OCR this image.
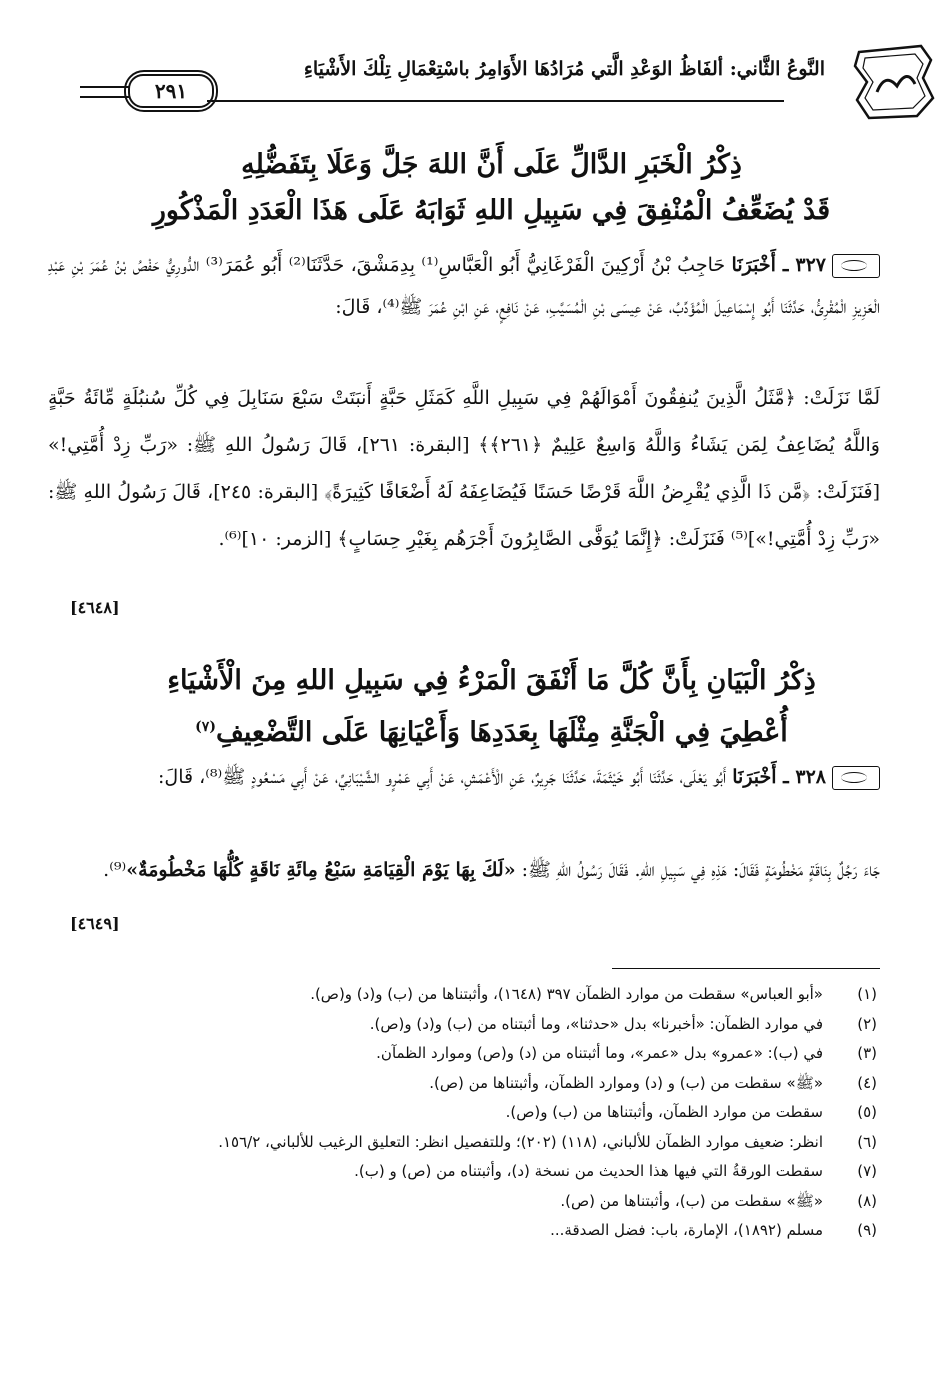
النَّوعُ الثَّاني: ألفَاظُ الوَعْدِ الَّتي مُرَادُهَا الأَوَامِرُ باسْتِعْمَالِ تِلْكَ الأَشْيَاءِ
٢٩١
ذِكْرُ الْخَبَرِ الدَّالِّ عَلَى أَنَّ اللهَ جَلَّ وَعَلَا بِتَفَضُّلِهِ
قَدْ يُضَعِّفُ الْمُنْفِقَ فِي سَبِيلِ اللهِ ثَوَابَهُ عَلَى هَذَا الْعَدَدِ الْمَذْكُورِ
٣٢٧ ـ أَخْبَرَنَا حَاجِبُ بْنُ أَرْكِينَ الْفَرْغَانِيُّ أَبُو الْعَبَّاسِ⁽¹⁾ بِدِمَشْقَ، حَدَّثَنَا⁽²⁾ أَبُو عُمَرَ⁽³⁾ الدُّورِيُّ حَفْصُ بْنُ عُمَرَ بْنِ عَبْدِ الْعَزِيزِ الْمُقْرِئُ، حَدَّثَنَا أَبُو إِسْمَاعِيلَ الْمُؤَدِّبُ، عَنْ عِيسَى بْنِ الْمُسَيَّبِ، عَنْ نَافِعٍ، عَنِ ابْنِ عُمَرَ ﷺ⁽⁴⁾، قَالَ:
لَمَّا نَزَلَتْ: ﴿مَّثَلُ الَّذِينَ يُنفِقُونَ أَمْوَالَهُمْ فِي سَبِيلِ اللَّهِ كَمَثَلِ حَبَّةٍ أَنبَتَتْ سَبْعَ سَنَابِلَ فِي كُلِّ سُنبُلَةٍ مِّائَةُ حَبَّةٍ وَاللَّهُ يُضَاعِفُ لِمَن يَشَاءُ وَاللَّهُ وَاسِعٌ عَلِيمٌ ﴿٢٦١﴾﴾ [البقرة: ٢٦١]، قَالَ رَسُولُ اللهِ ﷺ: «رَبِّ زِدْ أُمَّتِي!» [فَنَزَلَتْ: ﴿مَّن ذَا الَّذِي يُقْرِضُ اللَّهَ قَرْضًا حَسَنًا فَيُضَاعِفَهُ لَهُ أَضْعَافًا كَثِيرَةً﴾ [البقرة: ٢٤٥]، قَالَ رَسُولُ اللهِ ﷺ: «رَبِّ زِدْ أُمَّتِي!»]⁽⁵⁾ فَنَزَلَتْ: ﴿إِنَّمَا يُوَفَّى الصَّابِرُونَ أَجْرَهُم بِغَيْرِ حِسَابٍ﴾ [الزمر: ١٠]⁽⁶⁾.
[٤٦٤٨]
ذِكْرُ الْبَيَانِ بِأَنَّ كُلَّ مَا أَنْفَقَ الْمَرْءُ فِي سَبِيلِ اللهِ مِنَ الْأَشْيَاءِ
أُعْطِيَ فِي الْجَنَّةِ مِثْلَهَا بِعَدَدِهَا وَأَعْيَانِهَا عَلَى التَّضْعِيفِ$^{(٧)}$
٣٢٨ ـ أَخْبَرَنَا أَبُو يَعْلَى، حَدَّثَنَا أَبُو خَيْثَمَةَ، حَدَّثَنَا جَرِيرٌ، عَنِ الْأَعْمَشِ، عَنْ أَبِي عَمْرٍو الشَّيْبَانِيِّ، عَنْ أَبِي مَسْعُودٍ ﷺ⁽⁸⁾، قَالَ:
جَاءَ رَجُلٌ بِنَاقَةٍ مَخْطُومَةٍ فَقَالَ: هَذِهِ فِي سَبِيلِ اللهِ. فَقَالَ رَسُولُ اللهِ ﷺ: «لَكَ بِهَا يَوْمَ الْقِيَامَةِ سَبْعُ مِائَةِ نَاقَةٍ كُلُّهَا مَخْطُومَةٌ»⁽⁹⁾.
[٤٦٤٩]
(١)
«أبو العباس» سقطت من موارد الظمآن ٣٩٧ (١٦٤٨)، وأثبتناها من (ب) و(د) و(ص).
(٢)
في موارد الظمآن: «أخبرنا» بدل «حدثنا»، وما أثبتناه من (ب) و(د) و(ص).
(٣)
في (ب): «عمرو» بدل «عمر»، وما أثبتناه من (د) و(ص) وموارد الظمآن.
(٤)
«ﷺ» سقطت من (ب) و (د) وموارد الظمآن، وأثبتناها من (ص).
(٥)
سقطت من موارد الظمآن، وأثبتناها من (ب) و(ص).
(٦)
انظر: ضعيف موارد الظمآن للألباني، (١١٨) (٢٠٢)؛ وللتفصيل انظر: التعليق الرغيب للألباني، ١٥٦/٢.
(٧)
سقطت الورقةُ التي فيها هذا الحديث من نسخة (د)، وأثبتناه من (ص) و (ب).
(٨)
«ﷺ» سقطت من (ب)، وأثبتناها من (ص).
(٩)
مسلم (١٨٩٢)، الإمارة، باب: فضل الصدقة...
